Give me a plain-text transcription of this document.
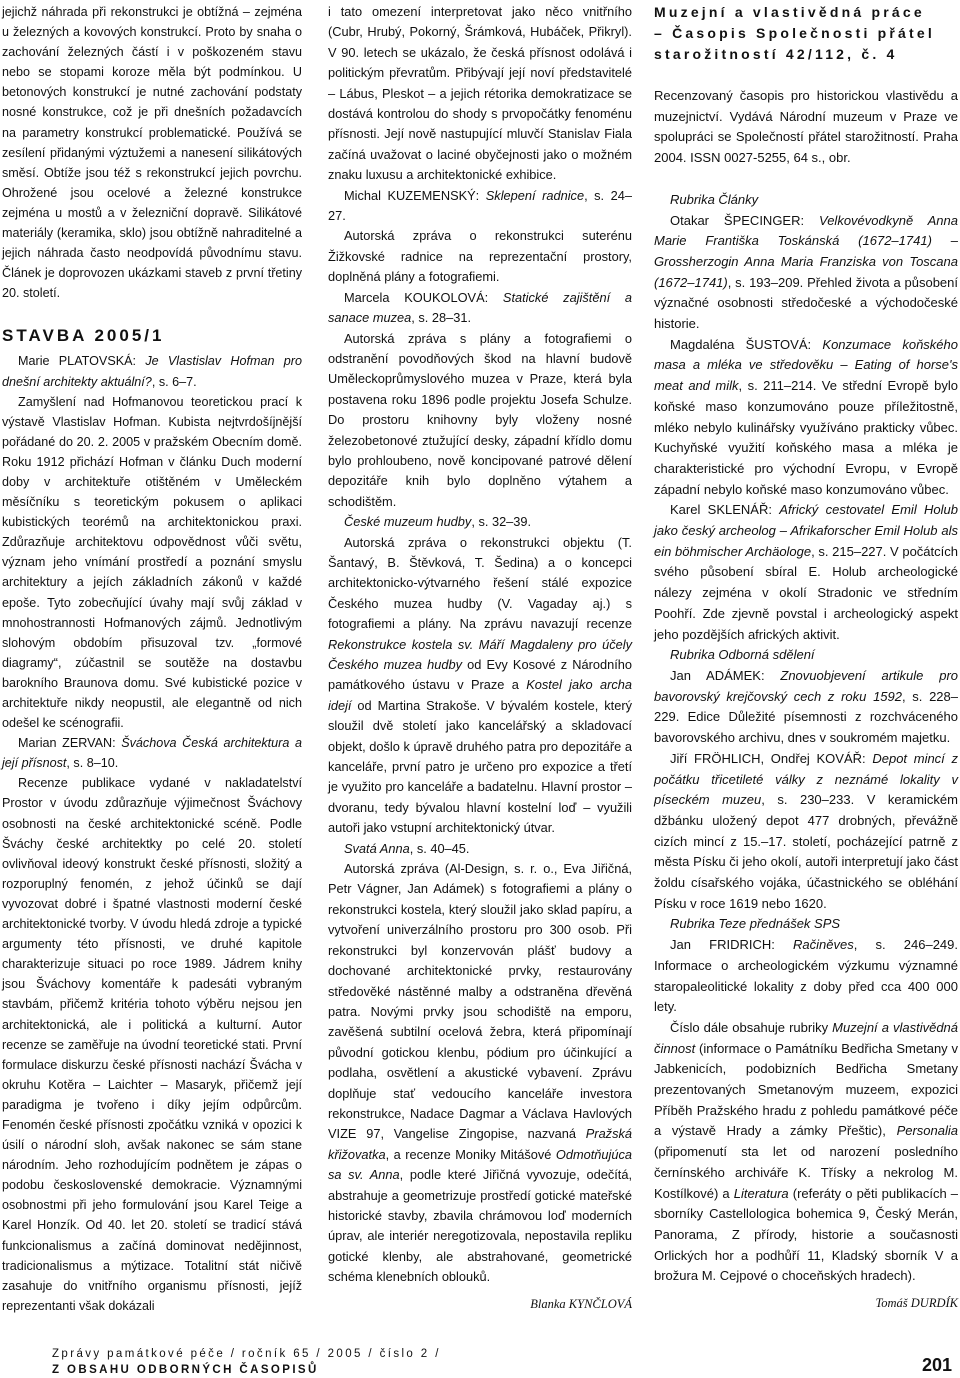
jejichž náhrada při rekonstrukci je obtížná – zejména u železných a kovových konstrukcí. Proto by snaha o zachování železných částí i v poškozeném stavu nebo se stopami koroze měla být podmínkou. U betonových konstrukcí je nutné zachování podstaty nosné konstrukce, což je při dnešních požadavcích na parametry konstrukcí problematické. Používá se zesílení přidanými výztužemi a nanesení silikátových směsí. Obtíže jsou též s rekonstrukcí jejich povrchu. Ohrožené jsou ocelové a železné konstrukce zejména u mostů a v železniční dopravě. Silikátové materiály (keramika, sklo) jsou obtížně nahraditelné a jejich náhrada často neodpovídá původnímu stavu. Článek je doprovozen ukázkami staveb z první třetiny 20. století.

STAVBA 2005/1

Marie PLATOVSKÁ: Je Vlastislav Hofman pro dnešní architekty aktuální?, s. 6–7.

Zamyšlení nad Hofmanovou teoretickou prací k výstavě Vlastislav Hofman. Kubista nejtvrdošíjnější pořádané do 20. 2. 2005 v pražském Obecním domě. Roku 1912 přichází Hofman v článku Duch moderní doby v architektuře otištěném v Uměleckém měsíčníku s teoretickým pokusem o aplikaci kubistických teorémů na architektonickou praxi. Zdůrazňuje architektovu odpovědnost vůči světu, význam jeho vnímání prostředí a poznání smyslu architektury a jejích základních zákonů v každé epoše. Tyto zobecňující úvahy mají svůj základ v mnohostrannosti Hofmanových zájmů. Jednotlivým slohovým obdobím přisuzoval tzv. „formové diagramy“, zúčastnil se soutěže na dostavbu barokního Braunova domu. Své kubistické pozice v architektuře nikdy neopustil, ale elegantně od nich odešel ke scénografii.

Marian ZERVAN: Šváchova Česká architektura a její přísnost, s. 8–10.

Recenze publikace vydané v nakladatelství Prostor v úvodu zdůrazňuje výjimečnost Šváchovy osobnosti na české architektonické scéně. Podle Šváchy české architektky po celé 20. století ovlivňoval ideový konstrukt české přísnosti, složitý a rozporuplný fenomén, z jehož účinků se dají vyvozovat dobré i špatné vlastnosti moderní české architektonické tvorby. V úvodu hledá zdroje a typické argumenty této přísnosti, ve druhé kapitole charakterizuje situaci po roce 1989. Jádrem knihy jsou Šváchovy komentáře k padesáti vybraným stavbám, přičemž kritéria tohoto výběru nejsou jen architektonická, ale i politická a kulturní. Autor recenze se zaměřuje na úvodní teoretické stati. První formulace diskurzu české přísnosti nachází Švácha v okruhu Kotěra – Laichter – Masaryk, přičemž její paradigma je tvořeno i díky jejím odpůrcům. Fenomén české přísnosti zpočátku vzniká v opozici k úsilí o národní sloh, avšak nakonec se sám stane národním. Jeho rozhodujícím podnětem je zápas o podobu československé demokracie. Významnými osobnostmi při jeho formulování jsou Karel Teige a Karel Honzík. Od 40. let 20. století se tradicí stává funkcionalismus a začíná dominovat nedějinnost, tradicionalismus a mýtizace. Totalitní stát ničivě zasahuje do vnitřního organismu přísnosti, jejíž reprezentanti však dokázali

i tato omezení interpretovat jako něco vnitřního (Cubr, Hrubý, Pokorný, Šrámková, Hubáček, Přikryl). V 90. letech se ukázalo, že česká přísnost odolává i politickým převratům. Přibývají její noví představitelé – Lábus, Pleskot – a jejich rétorika demokratizace se dostává kontrolou do shody s prvopočátky fenoménu přísnosti. Její nově nastupující mluvčí Stanislav Fiala začíná uvažovat o laciné obyčejnosti jako o možném znaku luxusu a architektonické exhibice.

Michal KUZEMENSKÝ: Sklepení radnice, s. 24–27.

Autorská zpráva o rekonstrukci suterénu Žižkovské radnice na reprezentační prostory, doplněná plány a fotografiemi.

Marcela KOUKOLOVÁ: Statické zajištění a sanace muzea, s. 28–31.

Autorská zpráva s plány a fotografiemi o odstranění povodňových škod na hlavní budově Uměleckoprůmyslového muzea v Praze, která byla postavena roku 1896 podle projektu Josefa Schulze. Do prostoru knihovny byly vloženy nosné železobetonové ztužující desky, západní křídlo domu bylo prohloubeno, nově koncipované patrové dělení depozitáře knih bylo doplněno výtahem a schodištěm.

České muzeum hudby, s. 32–39.

Autorská zpráva o rekonstrukci objektu (T. Šantavý, B. Štěvková, T. Šedina) a o koncepci architektonicko-výtvarného řešení stálé expozice Českého muzea hudby (V. Vagaday aj.) s fotografiemi a plány. Na zprávu navazují recenze Rekonstrukce kostela sv. Máří Magdaleny pro účely Českého muzea hudby od Evy Kosové z Národního památkového ústavu v Praze a Kostel jako archa idejí od Martina Strakoše. V bývalém kostele, který sloužil dvě století jako kancelářský a skladovací objekt, došlo k úpravě druhého patra pro depozitáře a kanceláře, první patro je určeno pro expozice a třetí je využito pro kanceláře a badatelnu. Hlavní prostor – dvoranu, tedy bývalou hlavní kostelní loď – využili autoři jako vstupní architektonický útvar.

Svatá Anna, s. 40–45.

Autorská zpráva (Al-Design, s. r. o., Eva Jiřičná, Petr Vágner, Jan Adámek) s fotografiemi a plány o rekonstrukci kostela, který sloužil jako sklad papíru, a vytvoření univerzálního prostoru pro 300 osob. Při rekonstrukci byl konzervován plášť budovy a dochované architektonické prvky, restaurovány středověké nástěnné malby a odstraněna dřevěná patra. Novými prvky jsou schodiště na emporu, zavěšená subtilní ocelová žebra, která připomínají původní gotickou klenbu, pódium pro účinkující a podlaha, osvětlení a akustické vybavení. Zprávu doplňuje stať vedoucího kanceláře investora rekonstrukce, Nadace Dagmar a Václava Havlových VIZE 97, Vangelise Zingopise, nazvaná Pražská křižovatka, a recenze Moniky Mitášové Odmotňujúca sa sv. Anna, podle které Jiřičná vyvozuje, odečítá, abstrahuje a geometrizuje prostředí gotické mateřské historické stavby, zbavila chrámovou loď moderních úprav, ale interiér neregotizovala, nepostavila repliku gotické klenby, ale abstrahované, geometrické schéma klenebních oblouků.

Blanka KYNČLOVÁ

Muzejní a vlastivědná práce
– Časopis Společnosti přátel
starožitností 42/112, č. 4

Recenzovaný časopis pro historickou vlastivědu a muzejnictví. Vydává Národní muzeum v Praze ve spolupráci se Společností přátel starožitností. Praha 2004. ISSN 0027-5255, 64 s., obr.

Rubrika Články

Otakar ŠPECINGER: Velkovévodkyně Anna Marie Františka Toskánská (1672–1741) – Grossherzogin Anna Maria Franziska von Toscana (1672–1741), s. 193–209. Přehled života a působení význačné osobnosti středočeské a východočeské historie.

Magdaléna ŠUSTOVÁ: Konzumace koňského masa a mléka ve středověku – Eating of horse's meat and milk, s. 211–214. Ve střední Evropě bylo koňské maso konzumováno pouze příležitostně, mléko nebylo kulinářsky využíváno prakticky vůbec. Kuchyňské využití koňského masa a mléka je charakteristické pro východní Evropu, v Evropě západní nebylo koňské maso konzumováno vůbec.

Karel SKLENÁŘ: Africký cestovatel Emil Holub jako český archeolog – Afrikaforscher Emil Holub als ein böhmischer Archäologe, s. 215–227. V počátcích svého působení sbíral E. Holub archeologické nálezy zejména v okolí Stradonic ve středním Poohří. Zde zjevně povstal i archeologický aspekt jeho pozdějších afrických aktivit.

Rubrika Odborná sdělení

Jan ADÁMEK: Znovuobjevení artikule pro bavorovský krejčovský cech z roku 1592, s. 228–229. Edice Důležité písemnosti z rozchváceného bavorovského archivu, dnes v soukromém majetku.

Jiří FRÖHLICH, Ondřej KOVÁŘ: Depot mincí z počátku třicetileté války z neznámé lokality v píseckém muzeu, s. 230–233. V keramickém džbánku uložený depot 477 drobných, převážně cizích mincí z 15.–17. století, pocházející patrně z města Písku či jeho okolí, autoři interpretují jako část žoldu císařského vojáka, účastnického se obléhání Písku v roce 1619 nebo 1620.

Rubrika Teze přednášek SPS

Jan FRIDRICH: Račiněves, s. 246–249. Informace o archeologickém výzkumu významné staropaleolitické lokality z doby před cca 400 000 lety.

Číslo dále obsahuje rubriky Muzejní a vlastivědná činnost (informace o Památníku Bedřicha Smetany v Jabkenicích, podobizních Bedřicha Smetany prezentovaných Smetanovým muzeem, expozici Příběh Pražského hradu z pohledu památkové péče a výstavě Hrady a zámky Přeštic), Personalia (připomenutí sta let od narození posledního černínského archiváře K. Třísky a nekrolog M. Kostílkové) a Literatura (referáty o pěti publikacích – sborníky Castellologica bohemica 9, Český Merán, Panorama, Z přírody, historie a současnosti Orlických hor a podhůří 11, Kladský sborník V a brožura M. Cejpové o choceňských hradech).

Tomáš DURDÍK

Zprávy památkové péče / ročník 65 / 2005 / číslo 2 /
Z OBSAHU ODBORNÝCH ČASOPISŮ	201
